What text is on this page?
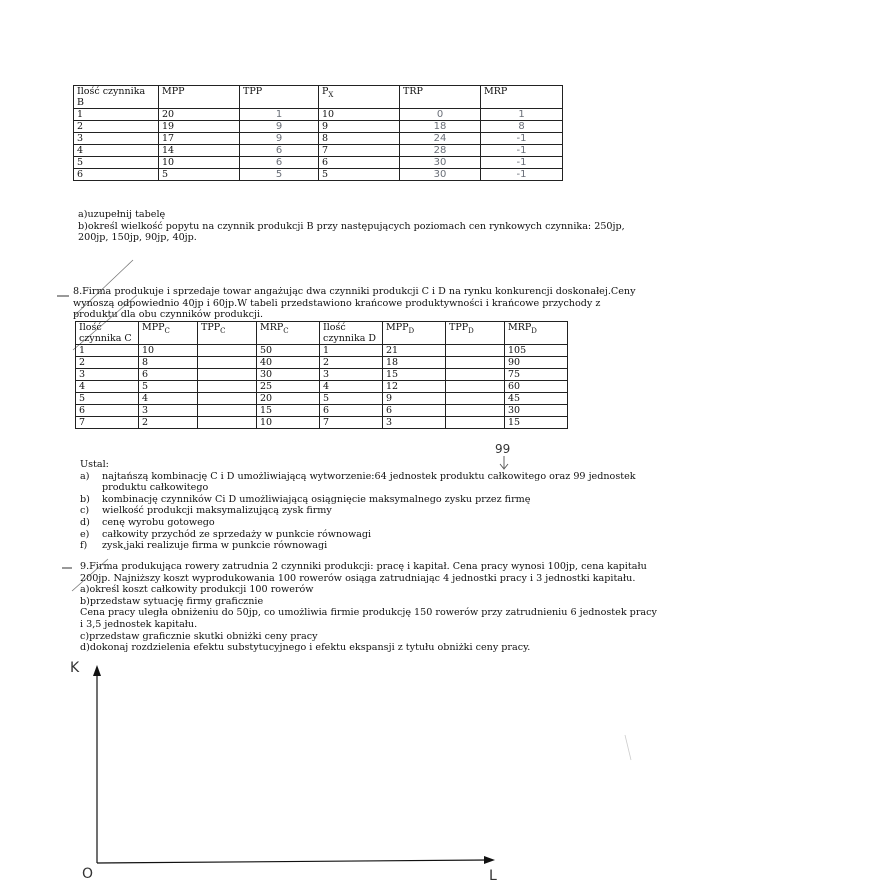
Ilość czynnika B	MPP	TPP	$P_X$	TRP	MRP
1	20	1	10	0	1
2	19	9	9	18	8
3	17	9	8	24	-1
4	14	6	7	28	-1
5	10	6	6	30	-1
6	5	5	5	30	-1
a)uzupełnij tabelę
b)określ wielkość popytu na czynnik produkcji B przy następujących poziomach cen rynkowych czynnika: 250jp,
200jp, 150jp, 90jp, 40jp.
8.Firma produkuje i sprzedaje towar angażując dwa czynniki produkcji C i D na rynku konkurencji doskonałej.Ceny
wynoszą odpowiednio 40jp i 60jp.W tabeli przedstawiono krańcowe produktywności i krańcowe przychody z
produktu dla obu czynników produkcji.
Ilość czynnika C	$MPP_C$	$TPP_C$	$MRP_C$	Ilość czynnika D	$MPP_D$	$TPP_D$	$MRP_D$
1	10		50	1	21		105
2	8		40	2	18		90
3	6		30	3	15		75
4	5		25	4	12		60
5	4		20	5	9		45
6	3		15	6	6		30
7	2		10	7	3		15
Ustal:
a) najtańszą kombinację C i D umożliwiającą wytworzenie:64 jednostek produktu całkowitego oraz 99 jednostek
produktu całkowitego
b) kombinację czynników Ci D umożliwiającą osiągnięcie maksymalnego zysku przez firmę
c) wielkość produkcji maksymalizującą zysk firmy
d) cenę wyrobu gotowego
e) całkowity przychód ze sprzedaży w punkcie równowagi
f) zysk,jaki realizuje firma w punkcie równowagi
99
9.Firma produkująca rowery zatrudnia 2 czynniki produkcji: pracę i kapitał. Cena pracy wynosi 100jp, cena kapitału
200jp. Najniższy koszt wyprodukowania 100 rowerów osiąga zatrudniając 4 jednostki pracy i 3 jednostki kapitału.
a)określ koszt całkowity produkcji 100 rowerów
b)przedstaw sytuację firmy graficznie
Cena pracy uległa obniżeniu do 50jp, co umożliwia firmie produkcję 150 rowerów przy zatrudnieniu 6 jednostek pracy
i 3,5 jednostek kapitału.
c)przedstaw graficznie skutki obniżki ceny pracy
d)dokonaj rozdzielenia efektu substytucyjnego i efektu ekspansji z tytułu obniżki ceny pracy.
K
L
O
